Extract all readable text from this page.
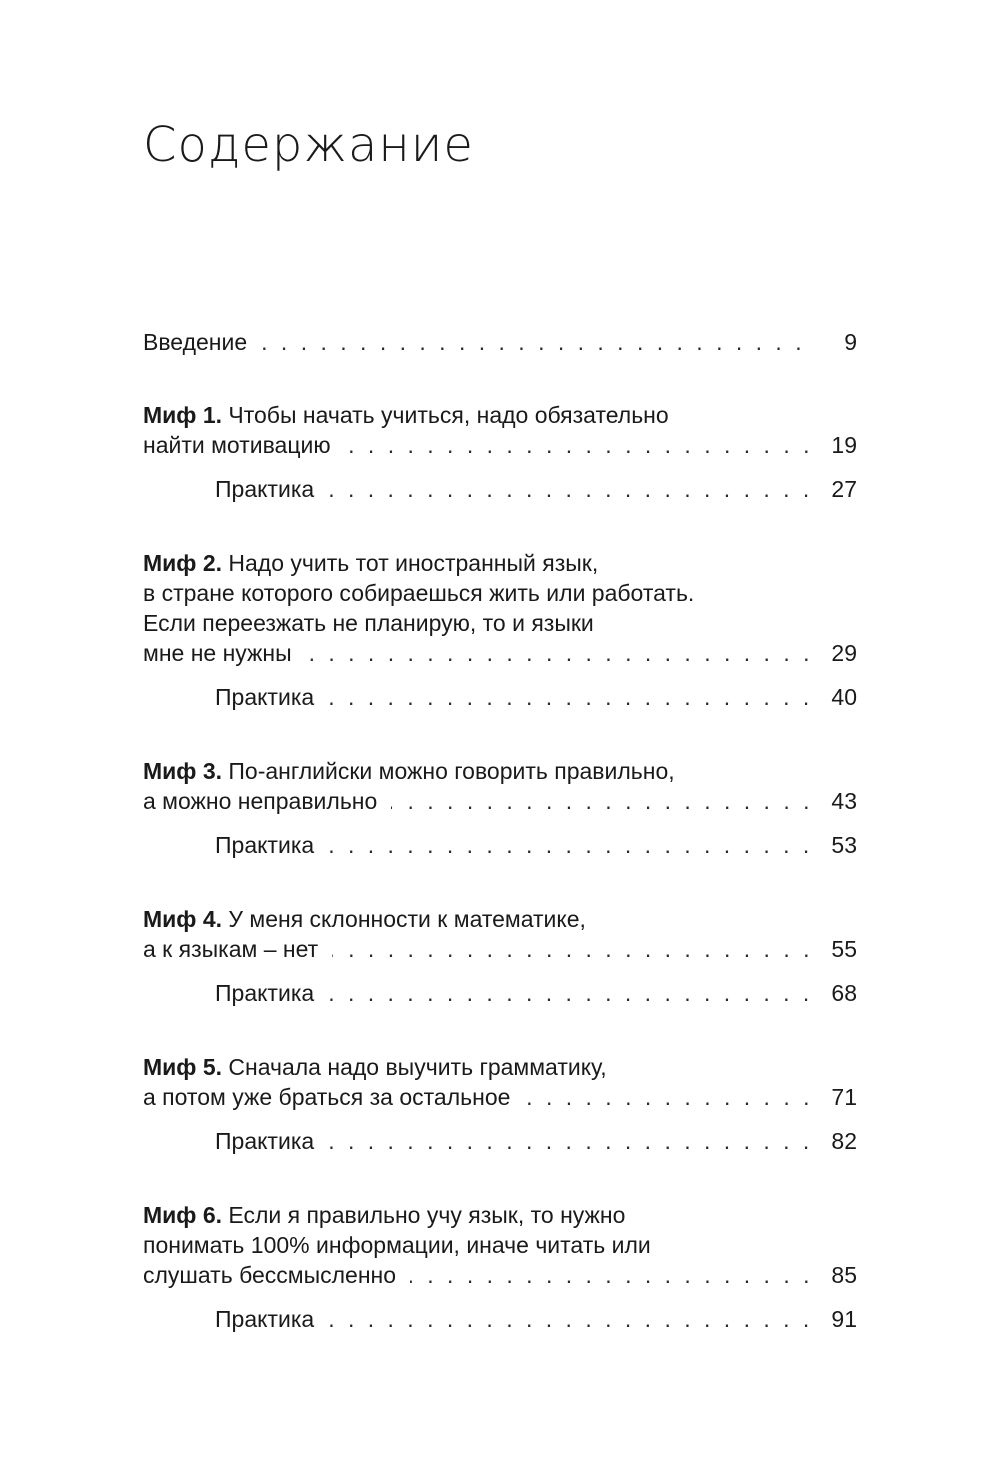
Содержание
Введение . . .	9
Миф 1. Чтобы начать учиться, надо обязательно
найти мотивацию . . .	19
Практика . . .	27
Миф 2. Надо учить тот иностранный язык,
в стране которого собираешься жить или работать.
Если переезжать не планирую, то и языки
мне не нужны . . .	29
Практика . . .	40
Миф 3. По-английски можно говорить правильно,
а можно неправильно . . .	43
Практика . . .	53
Миф 4. У меня склонности к математике,
а к языкам – нет . . .	55
Практика . . .	68
Миф 5. Сначала надо выучить грамматику,
а потом уже браться за остальное . . .	71
Практика . . .	82
Миф 6. Если я правильно учу язык, то нужно
понимать 100% информации, иначе читать или
слушать бессмысленно . . .	85
Практика . . .	91
